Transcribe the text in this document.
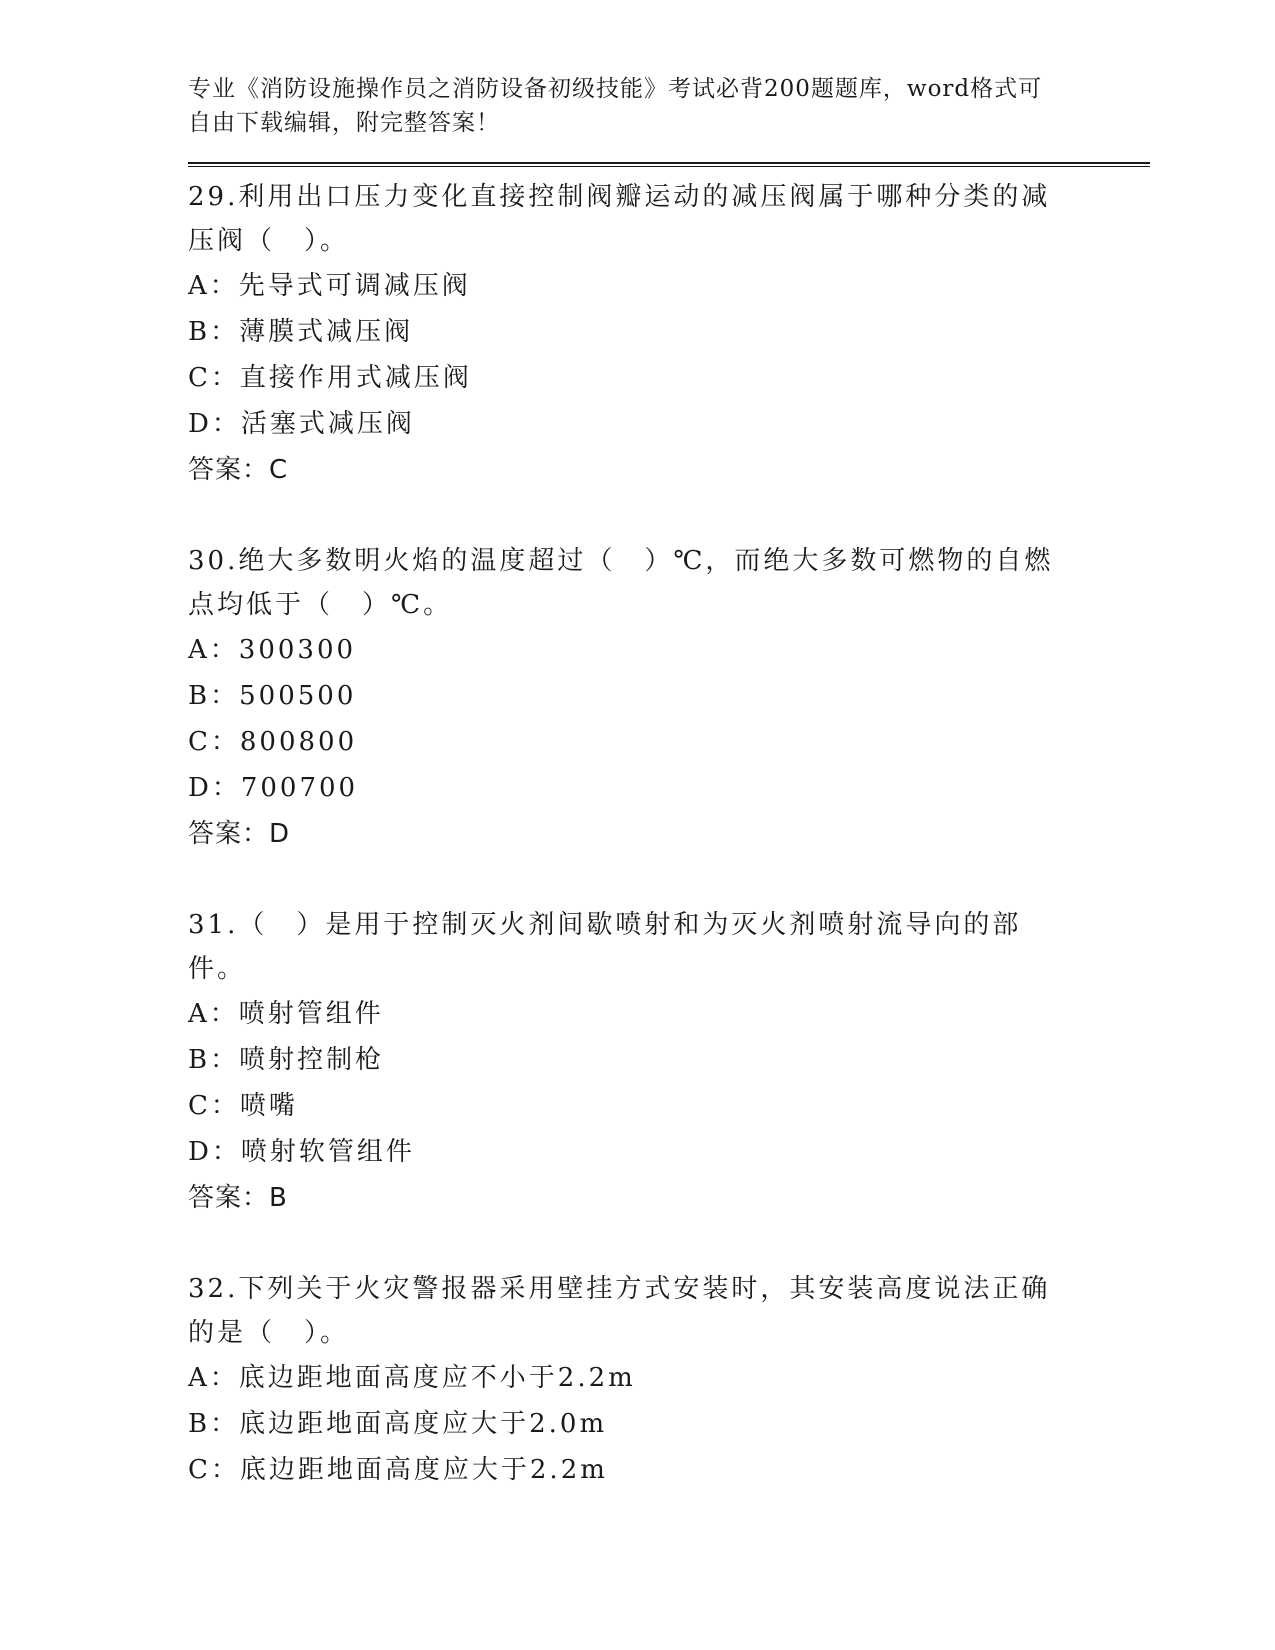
专业《消防设施操作员之消防设备初级技能》考试必背200题题库，word格式可
自由下载编辑，附完整答案！
29.利用出口压力变化直接控制阀瓣运动的减压阀属于哪种分类的减压阀（　）。
A：先导式可调减压阀
B：薄膜式减压阀
C：直接作用式减压阀
D：活塞式减压阀
答案：C
30.绝大多数明火焰的温度超过（　）℃，而绝大多数可燃物的自燃点均低于（　）℃。
A：300300
B：500500
C：800800
D：700700
答案：D
31.（　）是用于控制灭火剂间歇喷射和为灭火剂喷射流导向的部件。
A：喷射管组件
B：喷射控制枪
C：喷嘴
D：喷射软管组件
答案：B
32.下列关于火灾警报器采用壁挂方式安装时，其安装高度说法正确的是（　）。
A：底边距地面高度应不小于2.2m
B：底边距地面高度应大于2.0m
C：底边距地面高度应大于2.2m
